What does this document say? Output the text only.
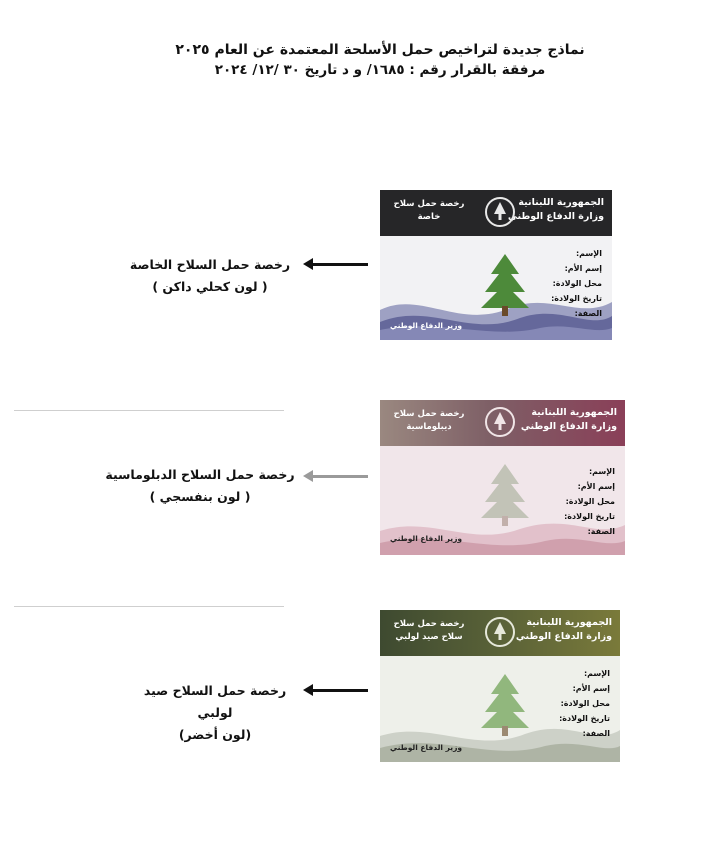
نماذج جديدة لتراخيص حمل الأسلحة المعتمدة عن العام ٢٠٢٥
مرفقة بالقرار رقم : ١٦٨٥/ و د تاريخ ٣٠ /١٢/ ٢٠٢٤
رخصة حمل السلاح الخاصة
( لون كحلي داكن )
الجمهورية اللبنانية
وزارة الدفاع الوطني
رخصة حمل سلاح
خاصة
الإسم:
إسم الأم:
محل الولادة:
تاريخ الولادة:
الصفة:
وزير الدفاع الوطني
رخصة حمل السلاح الدبلوماسية
( لون بنفسجي )
الجمهورية اللبنانية
وزارة الدفاع الوطني
رخصة حمل سلاح
ديبلوماسية
الإسم:
إسم الأم:
محل الولادة:
تاريخ الولادة:
الصفة:
وزير الدفاع الوطني
رخصة حمل السلاح صيد لولبي
(لون أخضر)
الجمهورية اللبنانية
وزارة الدفاع الوطني
رخصة حمل سلاح
سلاح صيد لولبي
الإسم:
إسم الأم:
محل الولادة:
تاريخ الولادة:
الصفة:
وزير الدفاع الوطني
